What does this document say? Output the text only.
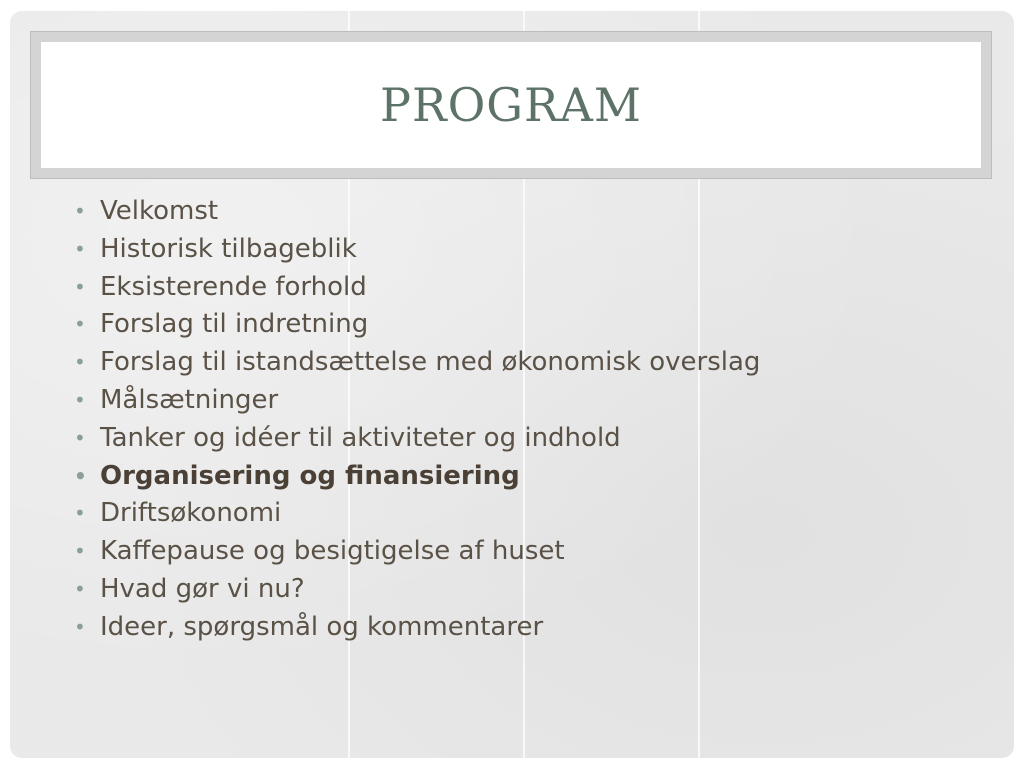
PROGRAM
• Velkomst
• Historisk tilbageblik
• Eksisterende forhold
• Forslag til indretning
• Forslag til istandsættelse med økonomisk overslag
• Målsætninger
• Tanker og idéer til aktiviteter og indhold
• Organisering og finansiering
• Driftsøkonomi
• Kaffepause og besigtigelse af huset
• Hvad gør vi nu?
• Ideer, spørgsmål og kommentarer
